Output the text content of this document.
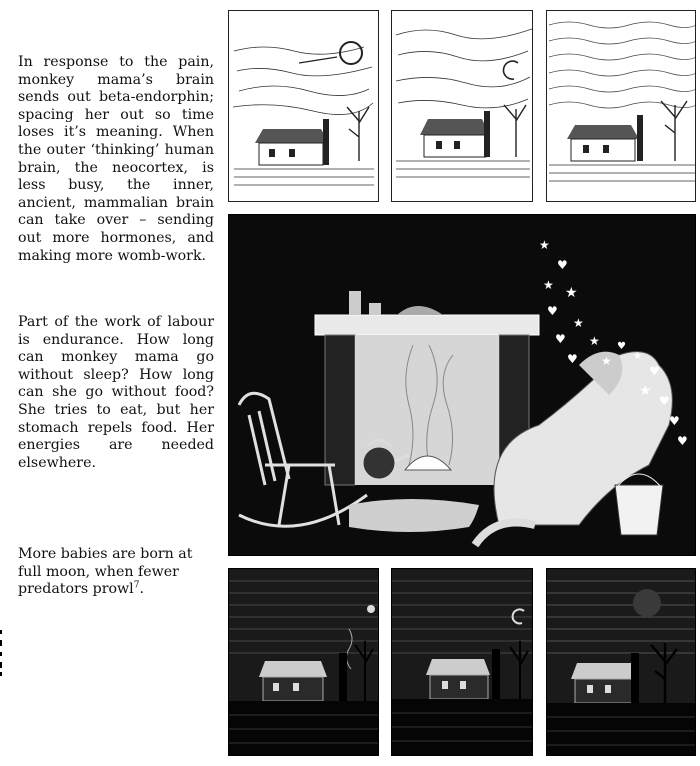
In response to the pain, monkey mama’s brain sends out beta-endorphin; spacing her out so time loses it’s meaning. When the outer ‘thinking’ human brain, the neocortex, is less busy, the inner, ancient, mammalian brain can take over – sending out more hormones, and making more womb-work.

Part of the work of labour is endurance. How long can monkey mama go without sleep? How long can she go without food? She tries to eat, but her stomach repels food. Her energies are needed elsewhere.

More babies are born at full moon, when fewer predators prowl$^7$.

★
♥
★ ★
♥
★
♥ ★
♥ ★
♥
★
♥
★
♥
♥
♥
